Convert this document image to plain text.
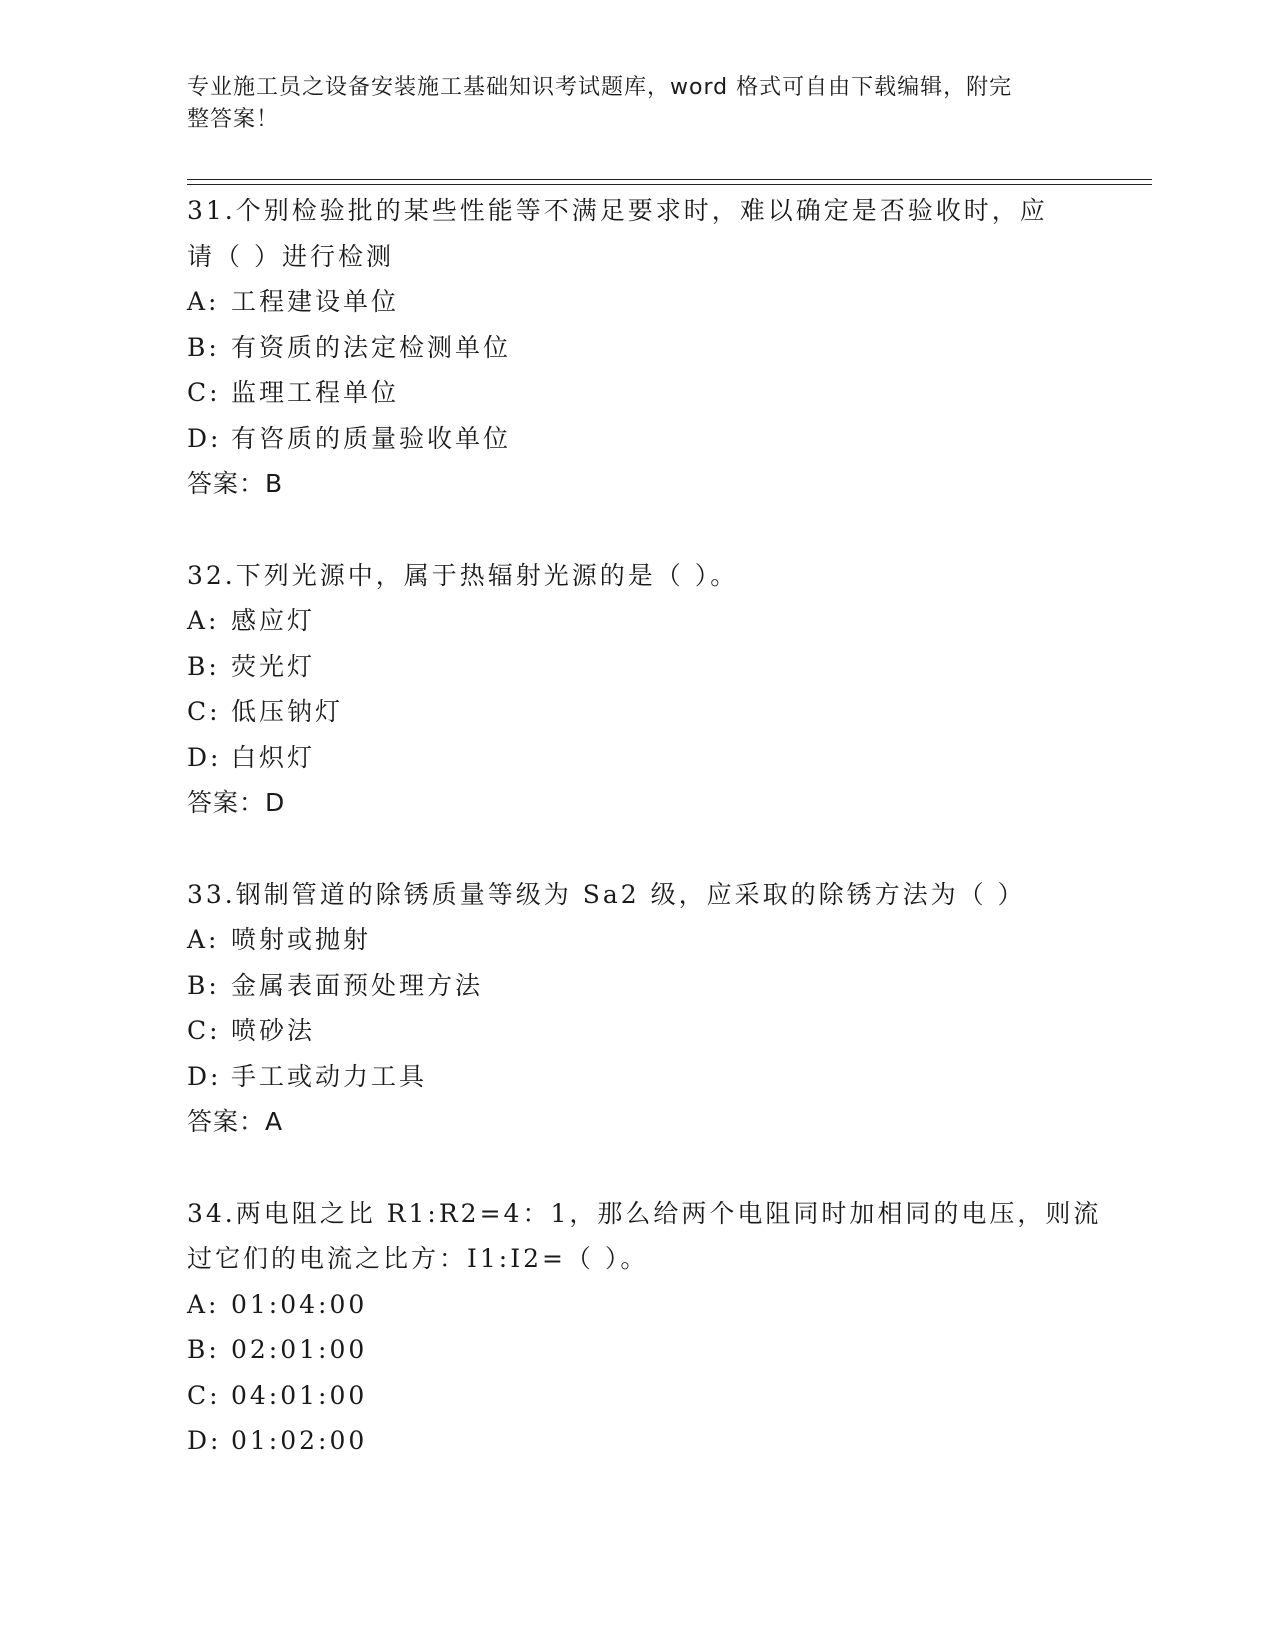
专业施工员之设备安装施工基础知识考试题库，word 格式可自由下载编辑，附完
整答案！
31.个别检验批的某些性能等不满足要求时，难以确定是否验收时，应
请（ ）进行检测
A: 工程建设单位
B: 有资质的法定检测单位
C: 监理工程单位
D: 有咨质的质量验收单位
答案：B
32.下列光源中，属于热辐射光源的是（ ）。
A: 感应灯
B: 荧光灯
C: 低压钠灯
D: 白炽灯
答案：D
33.钢制管道的除锈质量等级为 Sa2 级，应采取的除锈方法为（ ）
A: 喷射或抛射
B: 金属表面预处理方法
C: 喷砂法
D: 手工或动力工具
答案：A
34.两电阻之比 R1:R2=4：1，那么给两个电阻同时加相同的电压，则流
过它们的电流之比方：I1:I2=（ ）。
A: 01:04:00
B: 02:01:00
C: 04:01:00
D: 01:02:00
